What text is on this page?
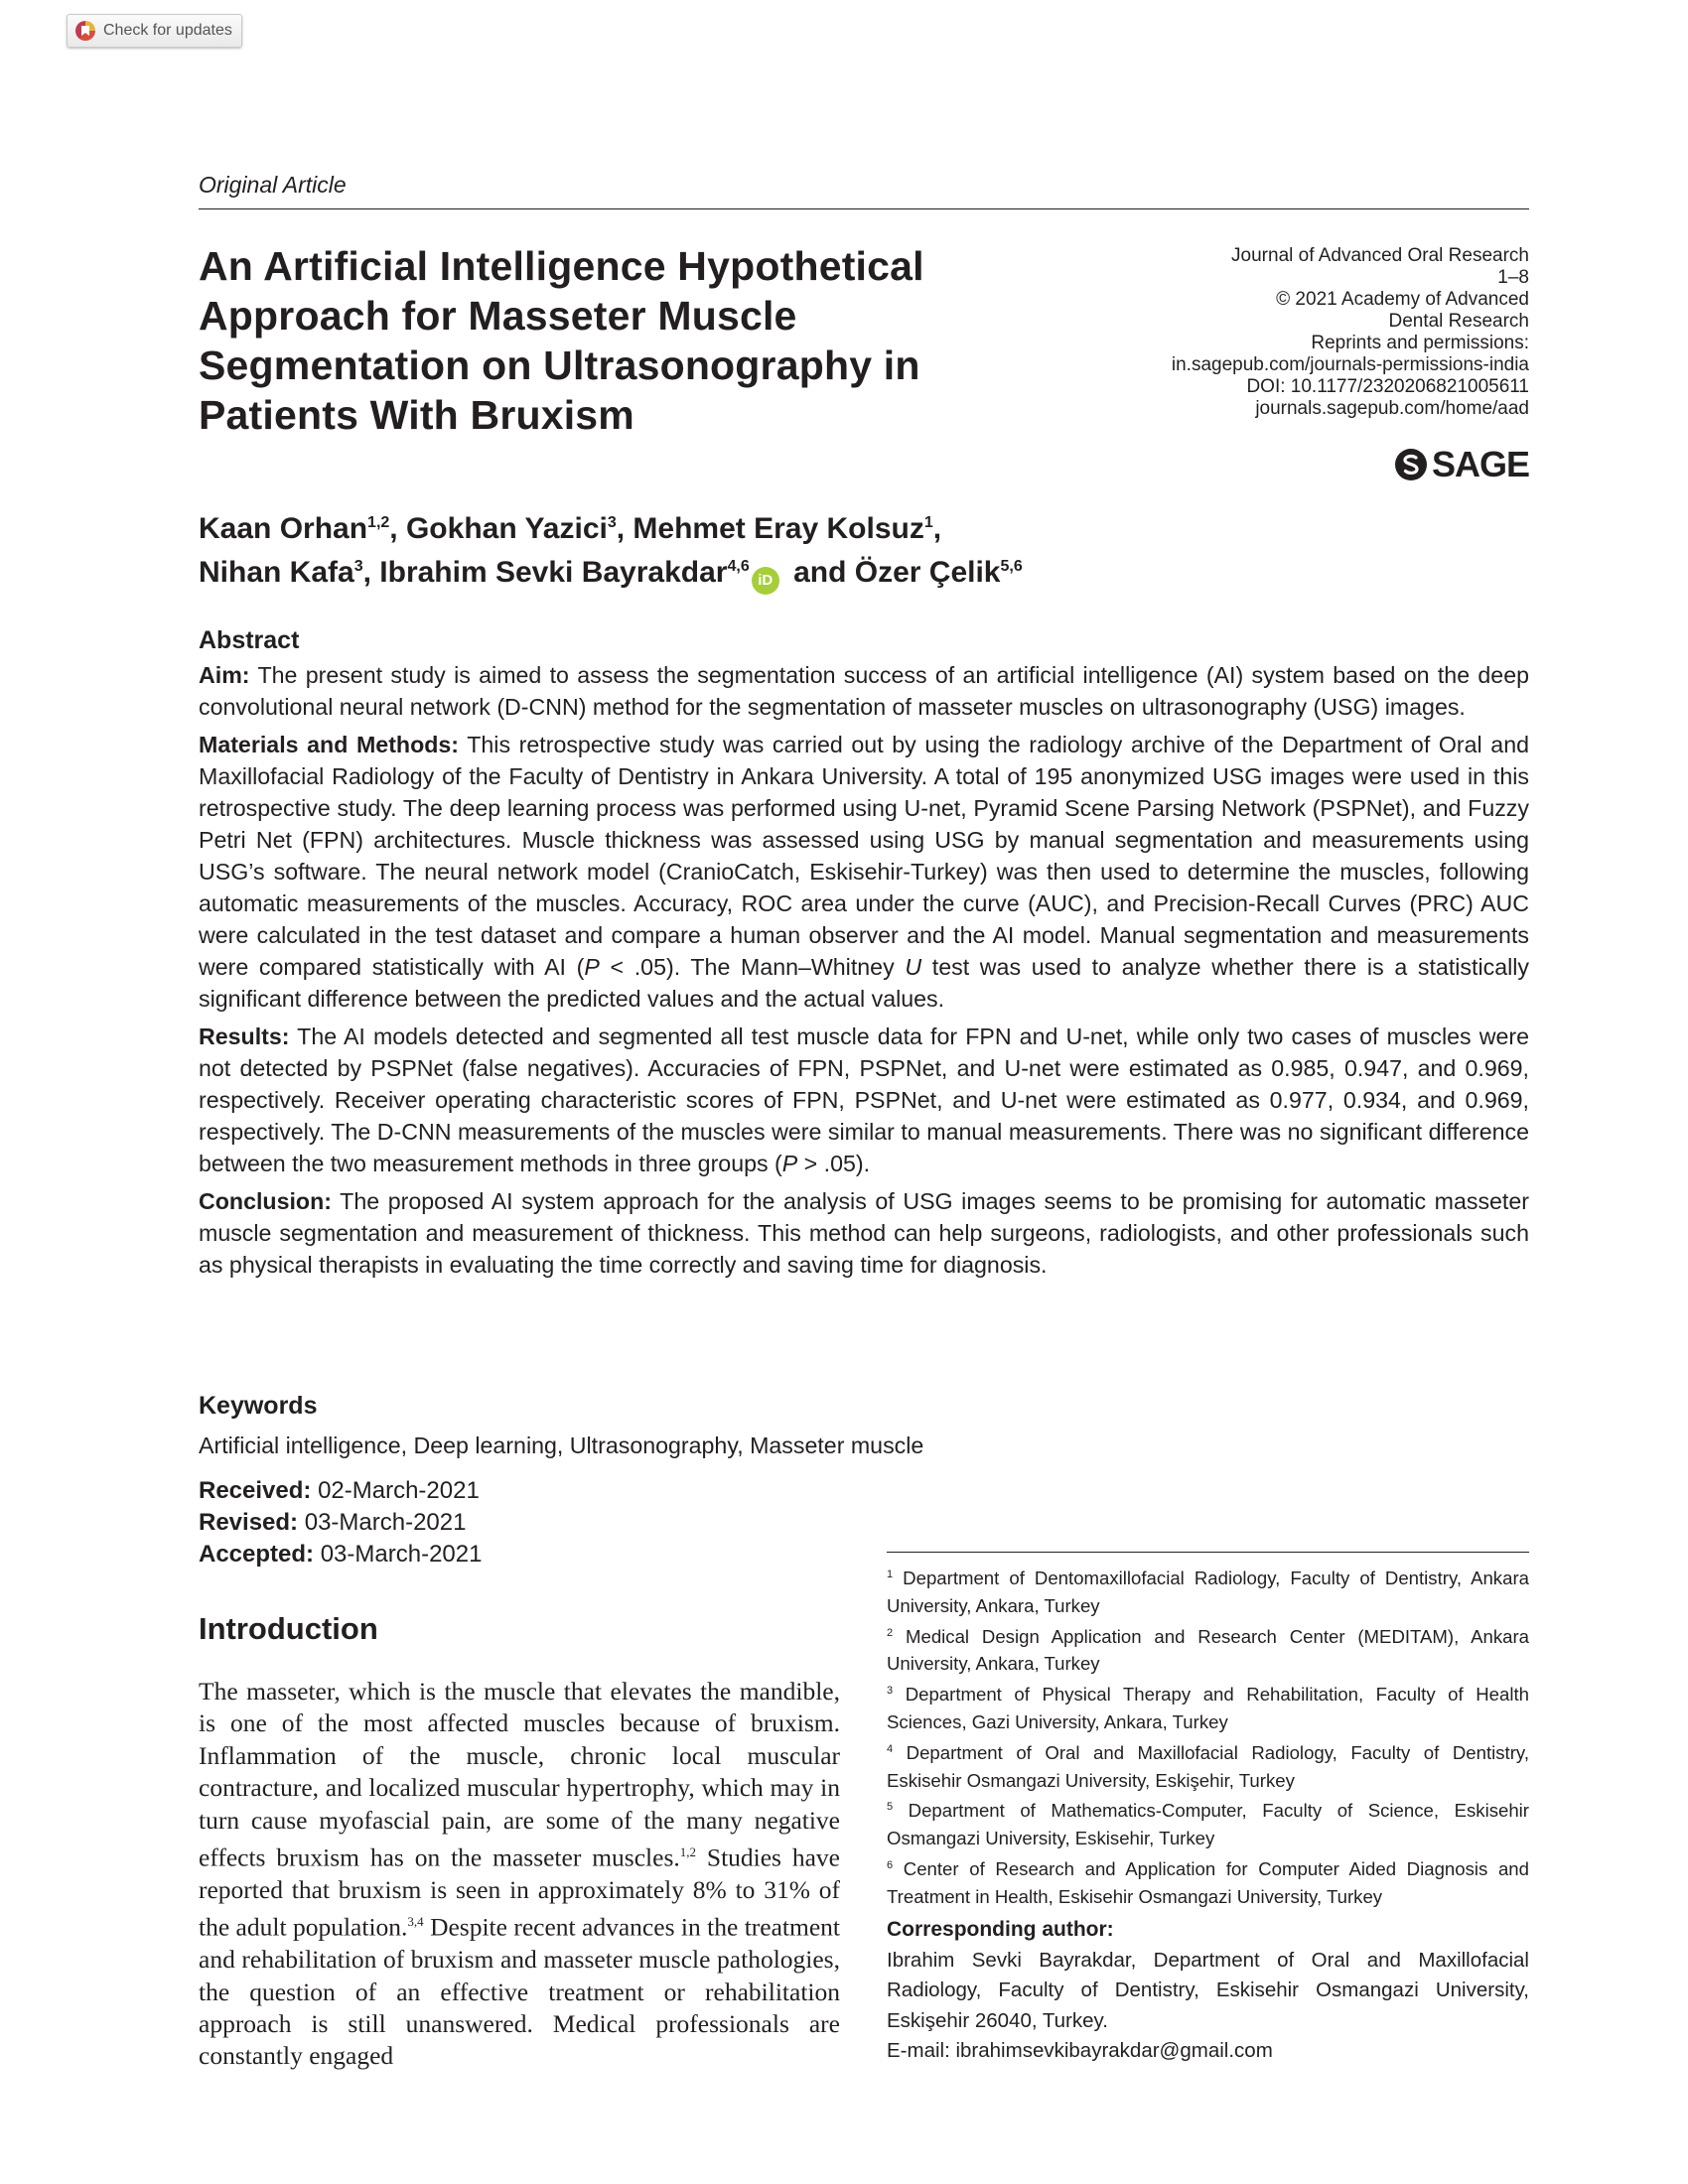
Check for updates
Original Article
An Artificial Intelligence Hypothetical Approach for Masseter Muscle Segmentation on Ultrasonography in Patients With Bruxism
Journal of Advanced Oral Research
1–8
© 2021 Academy of Advanced
Dental Research
Reprints and permissions:
in.sagepub.com/journals-permissions-india
DOI: 10.1177/2320206821005611
journals.sagepub.com/home/aad
SAGE
Kaan Orhan$^{1,2}$, Gokhan Yazici$^3$, Mehmet Eray Kolsuz$^1$,
Nihan Kafa$^3$, Ibrahim Sevki Bayrakdar$^{4,6}$iD and Özer Çelik$^{5,6}$
Abstract

Aim: The present study is aimed to assess the segmentation success of an artificial intelligence (AI) system based on the deep convolutional neural network (D-CNN) method for the segmentation of masseter muscles on ultrasonography (USG) images.

Materials and Methods: This retrospective study was carried out by using the radiology archive of the Department of Oral and Maxillofacial Radiology of the Faculty of Dentistry in Ankara University. A total of 195 anonymized USG images were used in this retrospective study. The deep learning process was performed using U-net, Pyramid Scene Parsing Network (PSPNet), and Fuzzy Petri Net (FPN) architectures. Muscle thickness was assessed using USG by manual segmentation and measurements using USG’s software. The neural network model (CranioCatch, Eskisehir-Turkey) was then used to determine the muscles, following automatic measurements of the muscles. Accuracy, ROC area under the curve (AUC), and Precision-Recall Curves (PRC) AUC were calculated in the test dataset and compare a human observer and the AI model. Manual segmentation and measurements were compared statistically with AI (P < .05). The Mann–Whitney U test was used to analyze whether there is a statistically significant difference between the predicted values and the actual values.

Results: The AI models detected and segmented all test muscle data for FPN and U-net, while only two cases of muscles were not detected by PSPNet (false negatives). Accuracies of FPN, PSPNet, and U-net were estimated as 0.985, 0.947, and 0.969, respectively. Receiver operating characteristic scores of FPN, PSPNet, and U-net were estimated as 0.977, 0.934, and 0.969, respectively. The D-CNN measurements of the muscles were similar to manual measurements. There was no significant difference between the two measurement methods in three groups (P > .05).

Conclusion: The proposed AI system approach for the analysis of USG images seems to be promising for automatic masseter muscle segmentation and measurement of thickness. This method can help surgeons, radiologists, and other professionals such as physical therapists in evaluating the time correctly and saving time for diagnosis.

Keywords
Artificial intelligence, Deep learning, Ultrasonography, Masseter muscle
Received: 02-March-2021
Revised: 03-March-2021
Accepted: 03-March-2021
Introduction

The masseter, which is the muscle that elevates the mandible, is one of the most affected muscles because of bruxism. Inflammation of the muscle, chronic local muscular contracture, and localized muscular hypertrophy, which may in turn cause myofascial pain, are some of the many negative effects bruxism has on the masseter muscles.$^{1,2}$ Studies have reported that bruxism is seen in approximately 8% to 31% of the adult population.$^{3,4}$ Despite recent advances in the treatment and rehabilitation of bruxism and masseter muscle pathologies, the question of an effective treatment or rehabilitation approach is still unanswered. Medical professionals are constantly engaged

$^1$ Department of Dentomaxillofacial Radiology, Faculty of Dentistry, Ankara University, Ankara, Turkey

$^2$ Medical Design Application and Research Center (MEDITAM), Ankara University, Ankara, Turkey

$^3$ Department of Physical Therapy and Rehabilitation, Faculty of Health Sciences, Gazi University, Ankara, Turkey

$^4$ Department of Oral and Maxillofacial Radiology, Faculty of Dentistry, Eskisehir Osmangazi University, Eskişehir, Turkey

$^5$ Department of Mathematics-Computer, Faculty of Science, Eskisehir Osmangazi University, Eskisehir, Turkey

$^6$ Center of Research and Application for Computer Aided Diagnosis and Treatment in Health, Eskisehir Osmangazi University, Turkey

Corresponding author:

Ibrahim Sevki Bayrakdar, Department of Oral and Maxillofacial Radiology, Faculty of Dentistry, Eskisehir Osmangazi University, Eskişehir 26040, Turkey.

E-mail: ibrahimsevkibayrakdar@gmail.com
